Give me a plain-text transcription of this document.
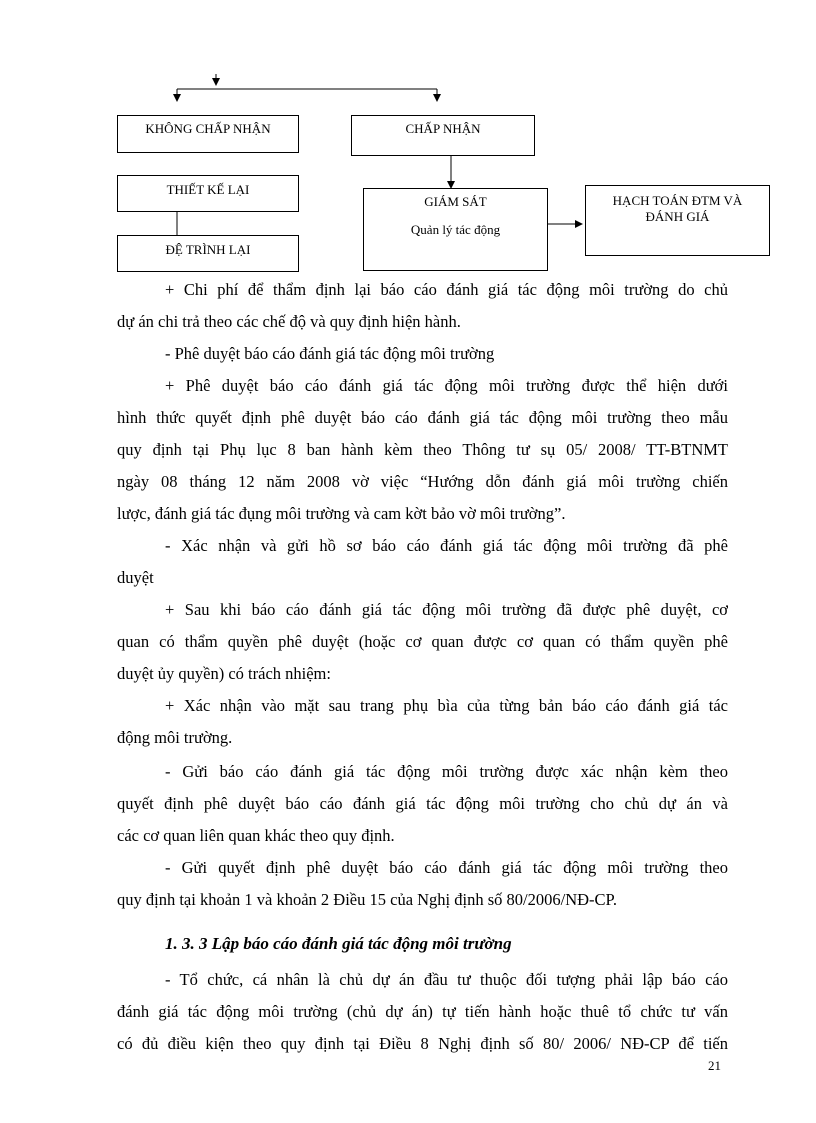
KHÔNG CHẤP NHẬN	CHẤP NHẬN
THIẾT KẾ LẠI
ĐỆ TRÌNH LẠI
GIÁM SÁT
Quản lý tác động
HẠCH TOÁN ĐTM VÀ
ĐÁNH GIÁ
+ Chi phí để thẩm định lại báo cáo đánh giá tác động môi trường do chủ
dự án chi trả theo các chế độ và quy định hiện hành.
- Phê duyệt báo cáo đánh giá tác động môi trường
+ Phê duyệt báo cáo đánh giá tác động môi trường được thể hiện dưới
hình thức quyết định phê duyệt báo cáo đánh giá tác động môi trường theo mẫu
quy định tại Phụ lục 8 ban hành kèm theo Thông tư sụ 05/ 2008/ TT-BTNMT
ngày 08 tháng 12 năm 2008 vờ việc “Hướng dỗn đánh giá môi trường chiến
lược, đánh giá tác đụng môi trường và cam kờt bảo vờ môi trường”.
- Xác nhận và gửi hồ sơ báo cáo đánh giá tác động môi trường đã phê
duyệt
+ Sau khi báo cáo đánh giá tác động môi trường đã được phê duyệt, cơ
quan có thẩm quyền phê duyệt (hoặc cơ quan được cơ quan có thẩm quyền phê
duyệt ủy quyền) có trách nhiệm:
+ Xác nhận vào mặt sau trang phụ bìa của từng bản báo cáo đánh giá tác
động môi trường.
- Gửi báo cáo đánh giá tác động môi trường được xác nhận kèm theo
quyết định phê duyệt báo cáo đánh giá tác động môi trường cho chủ dự án và
các cơ quan liên quan khác theo quy định.
- Gửi quyết định phê duyệt báo cáo đánh giá tác động môi trường theo
quy định tại khoản 1 và khoản 2 Điều 15 của Nghị định số 80/2006/NĐ-CP.
1. 3. 3 Lập báo cáo đánh giá tác động môi trường
- Tổ chức, cá nhân là chủ dự án đầu tư thuộc đối tượng phải lập báo cáo
đánh giá tác động môi trường (chủ dự án) tự tiến hành hoặc thuê tổ chức tư vấn
có đủ điều kiện theo quy định tại Điều 8 Nghị định số 80/ 2006/ NĐ-CP để tiến
21
